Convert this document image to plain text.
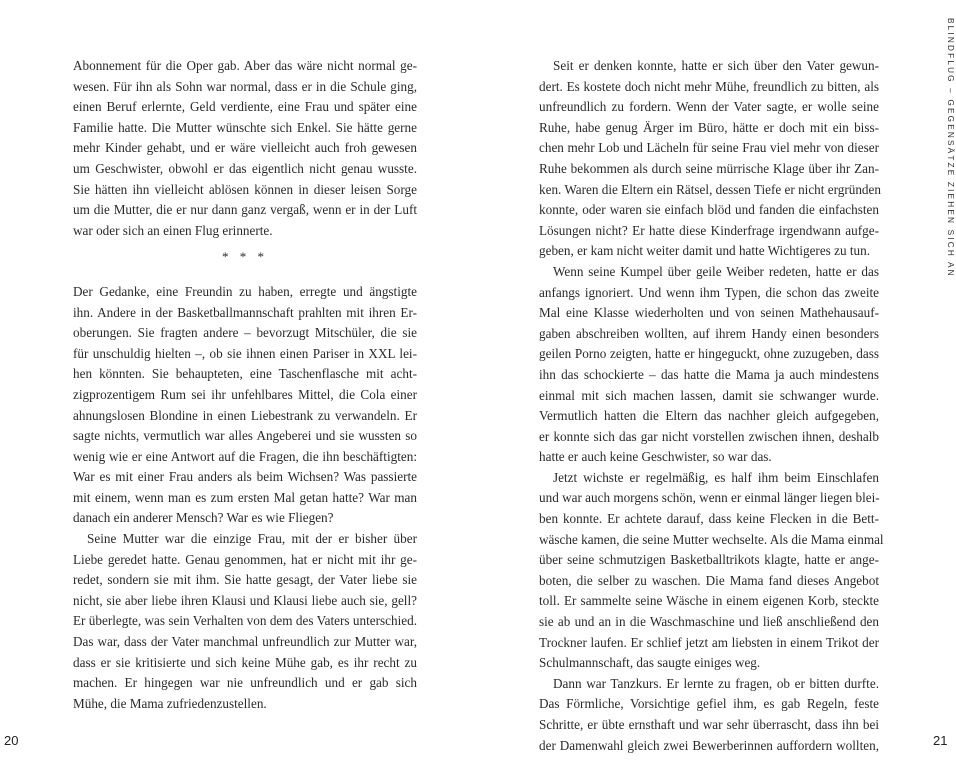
Abonnement für die Oper gab. Aber das wäre nicht normal ge-
wesen. Für ihn als Sohn war normal, dass er in die Schule ging,
einen Beruf erlernte, Geld verdiente, eine Frau und später eine
Familie hatte. Die Mutter wünschte sich Enkel. Sie hätte gerne
mehr Kinder gehabt, und er wäre vielleicht auch froh gewesen
um Geschwister, obwohl er das eigentlich nicht genau wusste.
Sie hätten ihn vielleicht ablösen können in dieser leisen Sorge
um die Mutter, die er nur dann ganz vergaß, wenn er in der Luft
war oder sich an einen Flug erinnerte.
* * *
Der Gedanke, eine Freundin zu haben, erregte und ängstigte
ihn. Andere in der Basketballmannschaft prahlten mit ihren Er-
oberungen. Sie fragten andere – bevorzugt Mitschüler, die sie
für unschuldig hielten –, ob sie ihnen einen Pariser in XXL lei-
hen könnten. Sie behaupteten, eine Taschenflasche mit acht-
zigprozentigem Rum sei ihr unfehlbares Mittel, die Cola einer
ahnungslosen Blondine in einen Liebestrank zu verwandeln. Er
sagte nichts, vermutlich war alles Angeberei und sie wussten so
wenig wie er eine Antwort auf die Fragen, die ihn beschäftigten:
War es mit einer Frau anders als beim Wichsen? Was passierte
mit einem, wenn man es zum ersten Mal getan hatte? War man
danach ein anderer Mensch? War es wie Fliegen?
Seine Mutter war die einzige Frau, mit der er bisher über
Liebe geredet hatte. Genau genommen, hat er nicht mit ihr ge-
redet, sondern sie mit ihm. Sie hatte gesagt, der Vater liebe sie
nicht, sie aber liebe ihren Klausi und Klausi liebe auch sie, gell?
Er überlegte, was sein Verhalten von dem des Vaters unterschied.
Das war, dass der Vater manchmal unfreundlich zur Mutter war,
dass er sie kritisierte und sich keine Mühe gab, es ihr recht zu
machen. Er hingegen war nie unfreundlich und er gab sich
Mühe, die Mama zufriedenzustellen.
20
Seit er denken konnte, hatte er sich über den Vater gewun-
dert. Es kostete doch nicht mehr Mühe, freundlich zu bitten, als
unfreundlich zu fordern. Wenn der Vater sagte, er wolle seine
Ruhe, habe genug Ärger im Büro, hätte er doch mit ein biss-
chen mehr Lob und Lächeln für seine Frau viel mehr von dieser
Ruhe bekommen als durch seine mürrische Klage über ihr Zan-
ken. Waren die Eltern ein Rätsel, dessen Tiefe er nicht ergründen
konnte, oder waren sie einfach blöd und fanden die einfachsten
Lösungen nicht? Er hatte diese Kinderfrage irgendwann aufge-
geben, er kam nicht weiter damit und hatte Wichtigeres zu tun.
Wenn seine Kumpel über geile Weiber redeten, hatte er das
anfangs ignoriert. Und wenn ihm Typen, die schon das zweite
Mal eine Klasse wiederholten und von seinen Mathehausauf-
gaben abschreiben wollten, auf ihrem Handy einen besonders
geilen Porno zeigten, hatte er hingeguckt, ohne zuzugeben, dass
ihn das schockierte – das hatte die Mama ja auch mindestens
einmal mit sich machen lassen, damit sie schwanger wurde.
Vermutlich hatten die Eltern das nachher gleich aufgegeben,
er konnte sich das gar nicht vorstellen zwischen ihnen, deshalb
hatte er auch keine Geschwister, so war das.
Jetzt wichste er regelmäßig, es half ihm beim Einschlafen
und war auch morgens schön, wenn er einmal länger liegen blei-
ben konnte. Er achtete darauf, dass keine Flecken in die Bett-
wäsche kamen, die seine Mutter wechselte. Als die Mama einmal
über seine schmutzigen Basketballtrikots klagte, hatte er ange-
boten, die selber zu waschen. Die Mama fand dieses Angebot
toll. Er sammelte seine Wäsche in einem eigenen Korb, steckte
sie ab und an in die Waschmaschine und ließ anschließend den
Trockner laufen. Er schlief jetzt am liebsten in einem Trikot der
Schulmannschaft, das saugte einiges weg.
Dann war Tanzkurs. Er lernte zu fragen, ob er bitten durfte.
Das Förmliche, Vorsichtige gefiel ihm, es gab Regeln, feste
Schritte, er übte ernsthaft und war sehr überrascht, dass ihn bei
der Damenwahl gleich zwei Bewerberinnen auffordern wollten,	21
BLINDFLUG – GEGENSÄTZE ZIEHEN SICH AN
